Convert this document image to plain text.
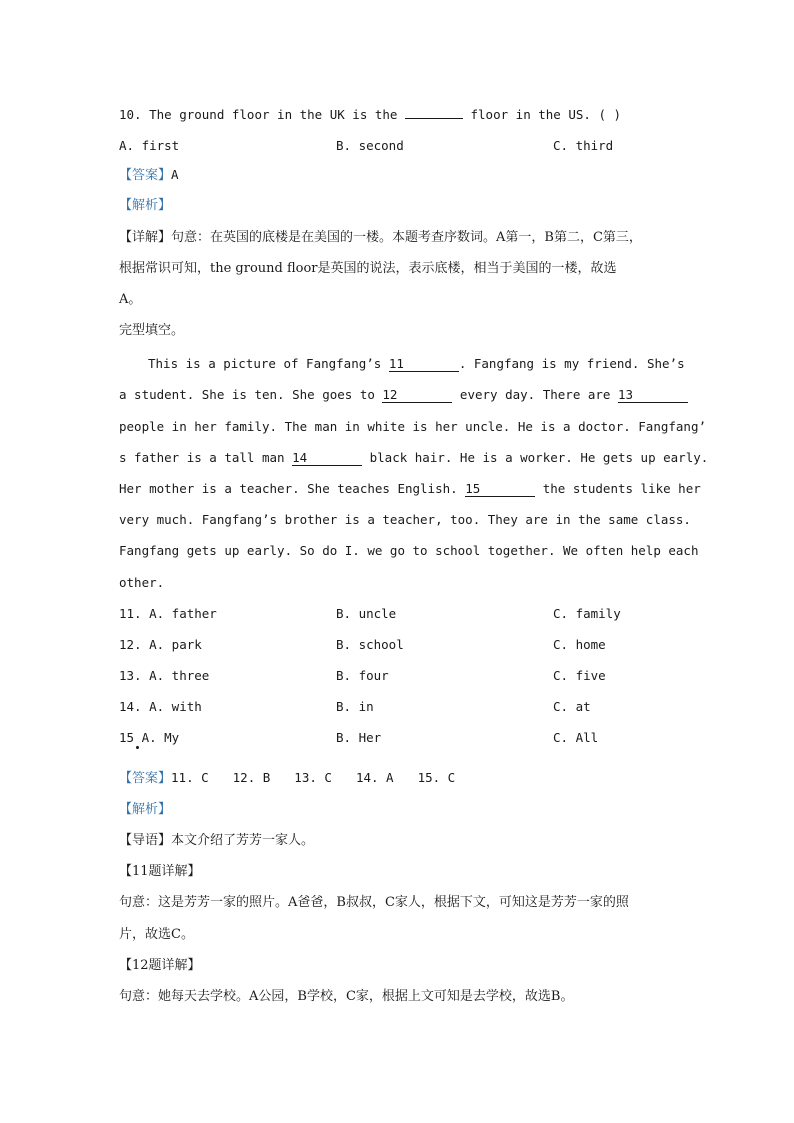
10. The ground floor in the UK is the	floor in the US. ( )
A. first	B. second	C. third
【答案】A
【解析】
【详解】句意：在英国的底楼是在美国的一楼。本题考查序数词。A第一，B第二，C第三，
根据常识可知，the ground floor是英国的说法，表示底楼，相当于美国的一楼，故选
A。
完型填空。
This is a picture of Fangfang’s 11	. Fangfang is my friend. She’s
a student. She is ten. She goes to 12	every day. There are 13
people in her family. The man in white is her uncle. He is a doctor. Fangfang’
s father is a tall man 14	black hair. He is a worker. He gets up early.
Her mother is a teacher. She teaches English. 15	the students like her
very much. Fangfang’s brother is a teacher, too. They are in the same class.
Fangfang gets up early. So do I. we go to school together. We often help each
other.
11. A. father	B. uncle	C. family
12. A. park	B. school	C. home
13. A. three	B. four	C. five
14. A. with	B. in	C. at
15 A. My	B. Her	C. All
【答案】11. C 12. B 13. C 14. A 15. C
【解析】
【导语】本文介绍了芳芳一家人。
【11题详解】
句意：这是芳芳一家的照片。A爸爸，B叔叔，C家人，根据下文，可知这是芳芳一家的照
片，故选C。
【12题详解】
句意：她每天去学校。A公园，B学校，C家，根据上文可知是去学校，故选B。
